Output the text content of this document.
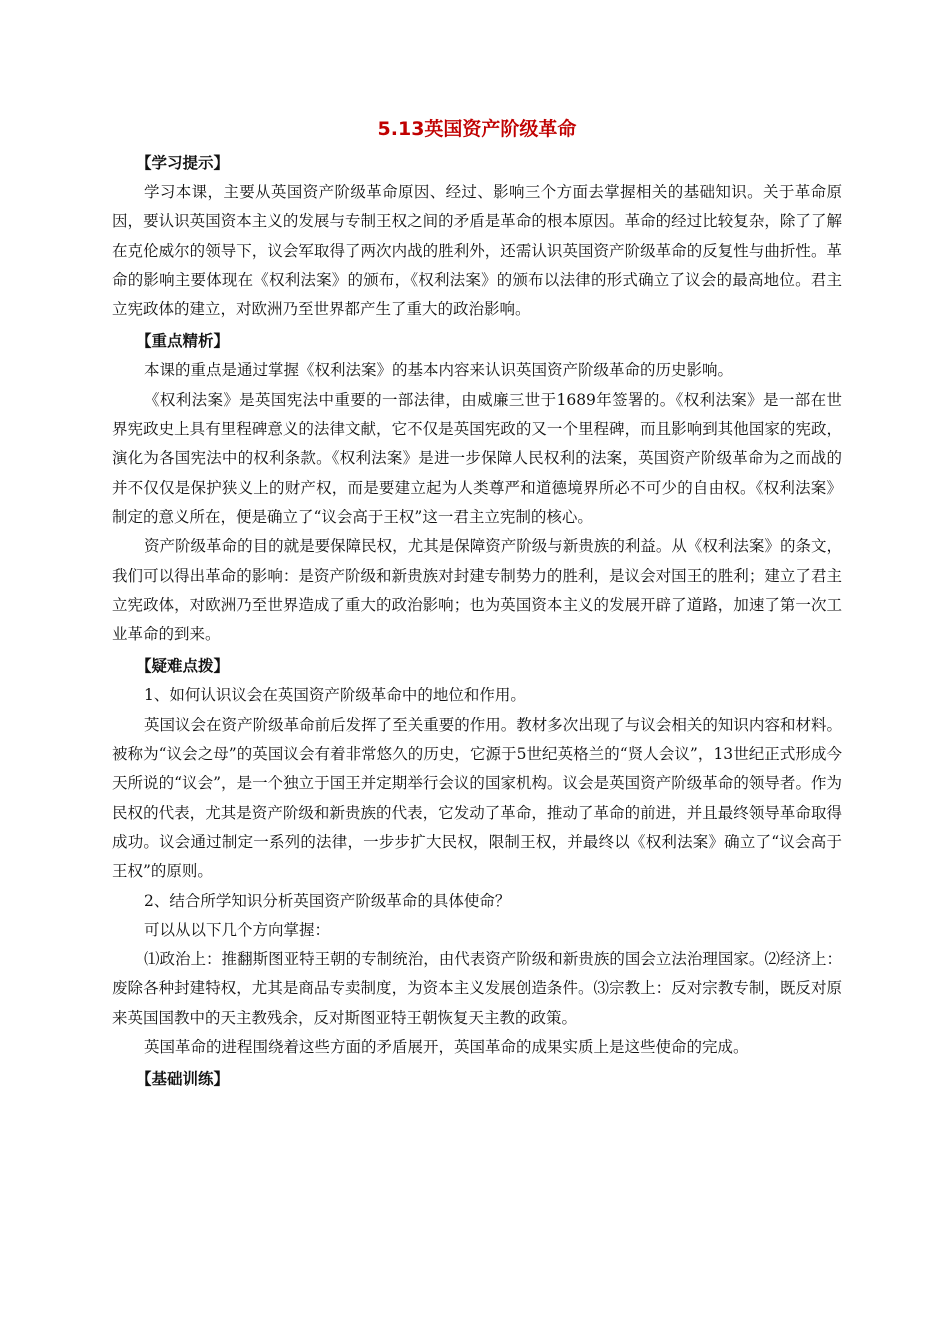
5.13英国资产阶级革命
【学习提示】

学习本课，主要从英国资产阶级革命原因、经过、影响三个方面去掌握相关的基础知识。关于革命原因，要认识英国资本主义的发展与专制王权之间的矛盾是革命的根本原因。革命的经过比较复杂，除了了解在克伦威尔的领导下，议会军取得了两次内战的胜利外，还需认识英国资产阶级革命的反复性与曲折性。革命的影响主要体现在《权利法案》的颁布，《权利法案》的颁布以法律的形式确立了议会的最高地位。君主立宪政体的建立，对欧洲乃至世界都产生了重大的政治影响。

【重点精析】

本课的重点是通过掌握《权利法案》的基本内容来认识英国资产阶级革命的历史影响。

《权利法案》是英国宪法中重要的一部法律，由威廉三世于1689年签署的。《权利法案》是一部在世界宪政史上具有里程碑意义的法律文献，它不仅是英国宪政的又一个里程碑，而且影响到其他国家的宪政，演化为各国宪法中的权利条款。《权利法案》是进一步保障人民权利的法案，英国资产阶级革命为之而战的并不仅仅是保护狭义上的财产权，而是要建立起为人类尊严和道德境界所必不可少的自由权。《权利法案》制定的意义所在，便是确立了“议会高于王权”这一君主立宪制的核心。

资产阶级革命的目的就是要保障民权，尤其是保障资产阶级与新贵族的利益。从《权利法案》的条文，我们可以得出革命的影响：是资产阶级和新贵族对封建专制势力的胜利，是议会对国王的胜利；建立了君主立宪政体，对欧洲乃至世界造成了重大的政治影响；也为英国资本主义的发展开辟了道路，加速了第一次工业革命的到来。

【疑难点拨】

1、如何认识议会在英国资产阶级革命中的地位和作用。

英国议会在资产阶级革命前后发挥了至关重要的作用。教材多次出现了与议会相关的知识内容和材料。被称为“议会之母”的英国议会有着非常悠久的历史，它源于5世纪英格兰的“贤人会议”，13世纪正式形成今天所说的“议会”，是一个独立于国王并定期举行会议的国家机构。议会是英国资产阶级革命的领导者。作为民权的代表，尤其是资产阶级和新贵族的代表，它发动了革命，推动了革命的前进，并且最终领导革命取得成功。议会通过制定一系列的法律，一步步扩大民权，限制王权，并最终以《权利法案》确立了“议会高于王权”的原则。

2、结合所学知识分析英国资产阶级革命的具体使命？

可以从以下几个方向掌握：

⑴政治上：推翻斯图亚特王朝的专制统治，由代表资产阶级和新贵族的国会立法治理国家。⑵经济上：废除各种封建特权，尤其是商品专卖制度，为资本主义发展创造条件。⑶宗教上：反对宗教专制，既反对原来英国国教中的天主教残余，反对斯图亚特王朝恢复天主教的政策。

英国革命的进程围绕着这些方面的矛盾展开，英国革命的成果实质上是这些使命的完成。

【基础训练】
